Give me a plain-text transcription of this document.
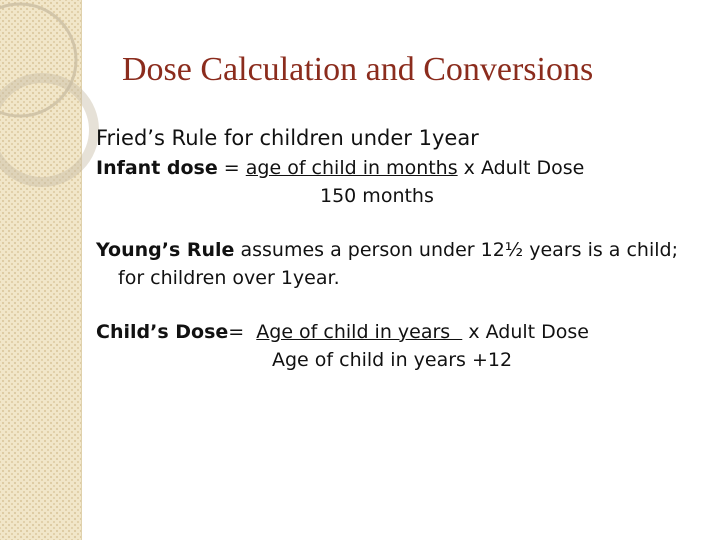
Dose Calculation and Conversions
Fried’s Rule for children under 1year
Infant dose = age of child in months x Adult Dose
150 months
Young’s Rule assumes a person under 12½ years is a child; for children over 1year.
Child’s Dose=  Age of child in years   x Adult Dose
Age of child in years +12
